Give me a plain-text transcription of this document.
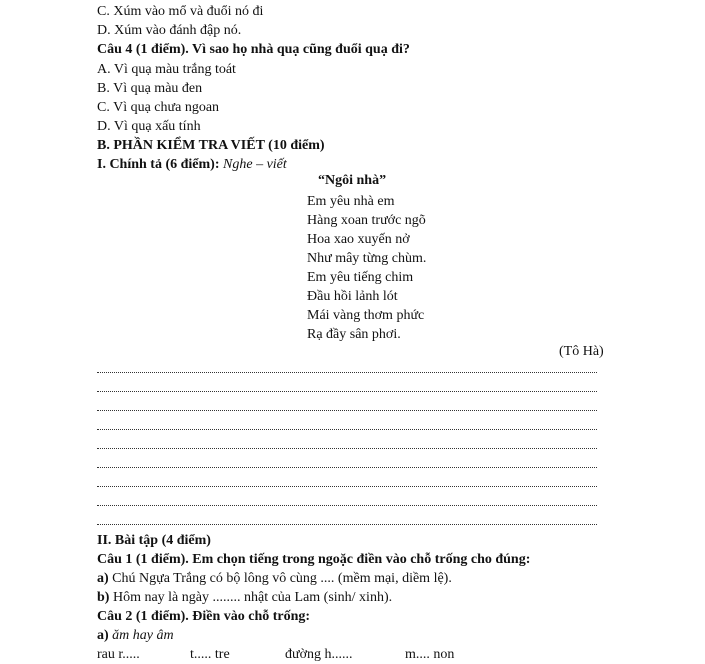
C. Xúm vào mổ và đuổi nó đi
D. Xúm vào đánh đập nó.
Câu 4 (1 điểm). Vì sao họ nhà quạ cũng đuổi quạ đi?
A. Vì quạ màu trắng toát
B. Vì quạ màu đen
C. Vì quạ chưa ngoan
D. Vì quạ xấu tính
B. PHẦN KIỂM TRA VIẾT (10 điểm)
I. Chính tả (6 điểm): Nghe – viết
“Ngôi nhà”
Em yêu nhà em
Hàng xoan trước ngõ
Hoa xao xuyến nở
Như mây từng chùm.
Em yêu tiếng chim
Đầu hồi lảnh lót
Mái vàng thơm phức
Rạ đầy sân phơi.
(Tô Hà)
II. Bài tập (4 điểm)
Câu 1 (1 điểm). Em chọn tiếng trong ngoặc điền vào chỗ trống cho đúng:
a) Chú Ngựa Trắng có bộ lông vô cùng .... (mềm mại, diềm lệ).
b) Hôm nay là ngày ........ nhật của Lam (sinh/ xinh).
Câu 2 (1 điểm). Điền vào chỗ trống:
a) ăm hay âm
rau r.....	t..... tre	đường h......	m.... non
